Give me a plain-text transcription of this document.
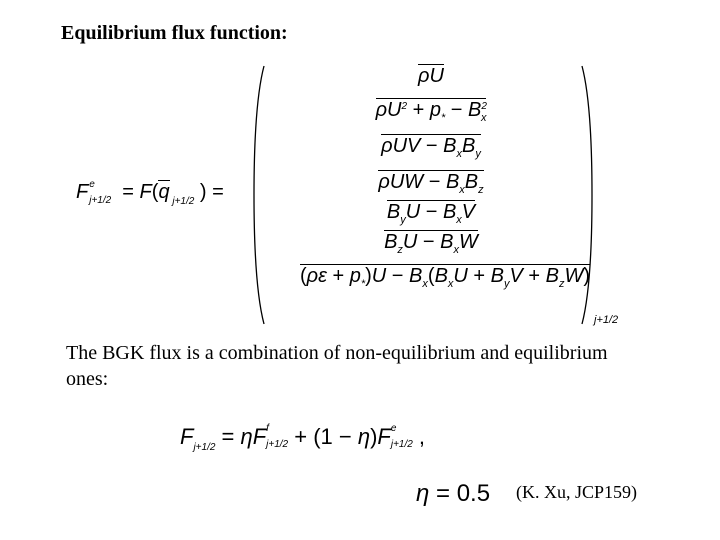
Equilibrium flux function:
Fe
j+1/2  = F(q $_{j+1/2}$ ) =
j+1/2
ρU
$\rho U^2 + p_* - B^2_x$
$\rho UV - B_xB_y$
$\rho UW - B_xB_z$
$B_yU - B_xV$
$B_zU - B_xW$
$(\rho\varepsilon + p_*)U - B_x(B_xU + B_yV + B_zW)$
The BGK flux is a combination of non-equilibrium and equilibrium ones:
$F_{j+1/2} = \eta Ff$
j+1/2 + (1 − η)Fe
j+1/2 ,
η = 0.5 (K. Xu, JCP159)
